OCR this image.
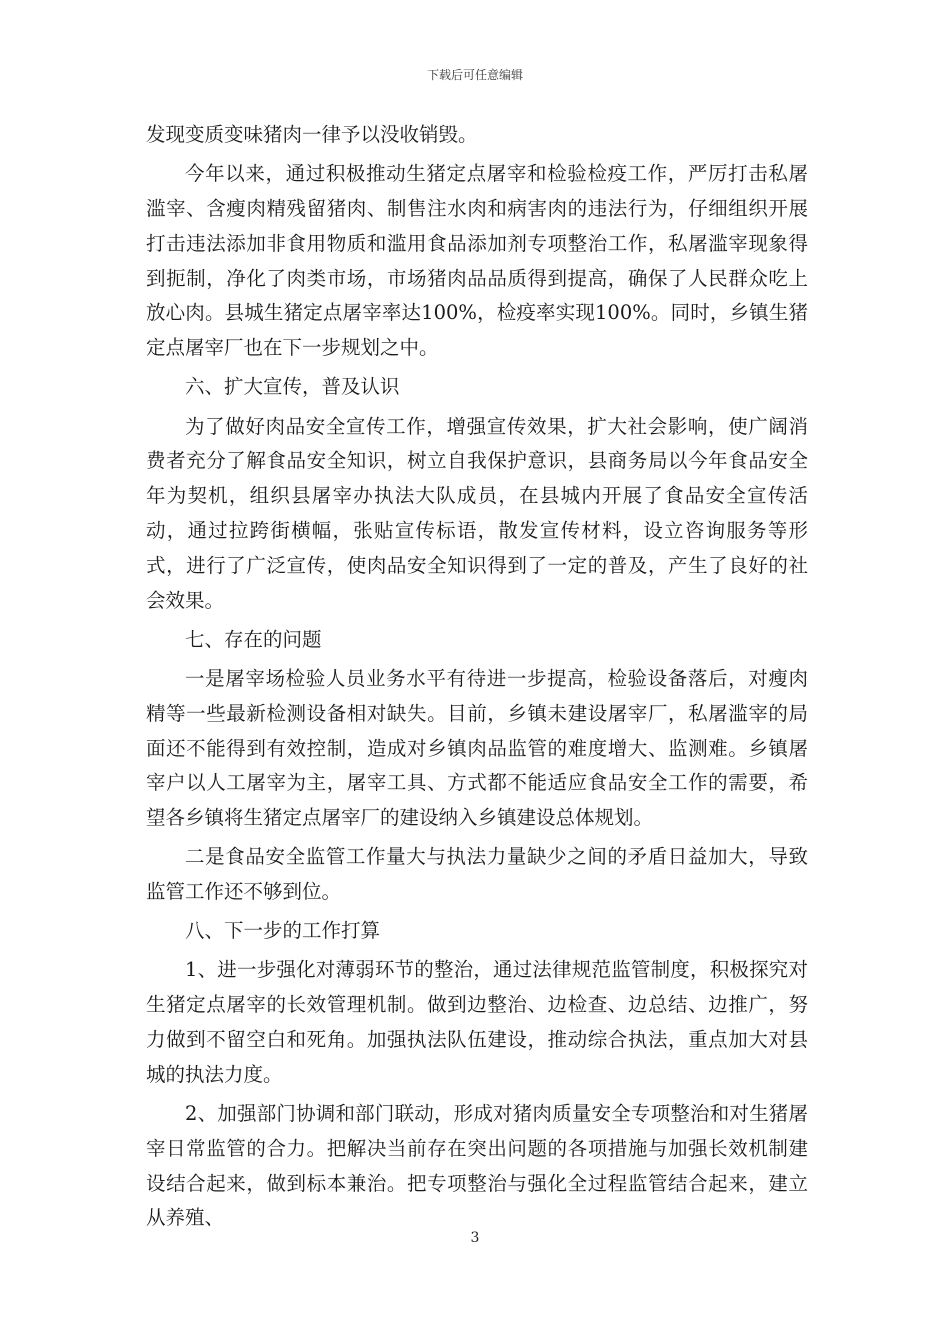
下载后可任意编辑

发现变质变味猪肉一律予以没收销毁。

今年以来，通过积极推动生猪定点屠宰和检验检疫工作，严厉打击私屠滥宰、含瘦肉精残留猪肉、制售注水肉和病害肉的违法行为，仔细组织开展打击违法添加非食用物质和滥用食品添加剂专项整治工作，私屠滥宰现象得到扼制，净化了肉类市场，市场猪肉品品质得到提高，确保了人民群众吃上放心肉。县城生猪定点屠宰率达100%，检疫率实现100%。同时，乡镇生猪定点屠宰厂也在下一步规划之中。

六、扩大宣传，普及认识

为了做好肉品安全宣传工作，增强宣传效果，扩大社会影响，使广阔消费者充分了解食品安全知识，树立自我保护意识，县商务局以今年食品安全年为契机，组织县屠宰办执法大队成员，在县城内开展了食品安全宣传活动，通过拉跨街横幅，张贴宣传标语，散发宣传材料，设立咨询服务等形式，进行了广泛宣传，使肉品安全知识得到了一定的普及，产生了良好的社会效果。

七、存在的问题

一是屠宰场检验人员业务水平有待进一步提高，检验设备落后，对瘦肉精等一些最新检测设备相对缺失。目前，乡镇未建设屠宰厂，私屠滥宰的局面还不能得到有效控制，造成对乡镇肉品监管的难度增大、监测难。乡镇屠宰户以人工屠宰为主，屠宰工具、方式都不能适应食品安全工作的需要，希望各乡镇将生猪定点屠宰厂的建设纳入乡镇建设总体规划。

二是食品安全监管工作量大与执法力量缺少之间的矛盾日益加大，导致监管工作还不够到位。

八、下一步的工作打算

1、进一步强化对薄弱环节的整治，通过法律规范监管制度，积极探究对生猪定点屠宰的长效管理机制。做到边整治、边检查、边总结、边推广，努力做到不留空白和死角。加强执法队伍建设，推动综合执法，重点加大对县城的执法力度。

2、加强部门协调和部门联动，形成对猪肉质量安全专项整治和对生猪屠宰日常监管的合力。把解决当前存在突出问题的各项措施与加强长效机制建设结合起来，做到标本兼治。把专项整治与强化全过程监管结合起来，建立从养殖、

3
